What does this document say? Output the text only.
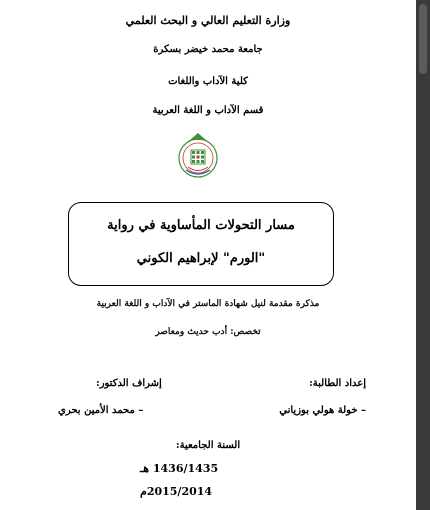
وزارة التعليم العالي و البحث العلمي
جامعة محمد خيضر بسكرة
كلية الآداب واللغات
قسم الآداب و اللغة العربية
مسار التحولات المأساوية في رواية
"الورم" لإبراهيم الكوني
مذكرة مقدمة لنيل شهادة الماستر في الآداب و اللغة العربية
تخصص: أدب حديث ومعاصر
إعداد الطالبة:
إشراف الدكتور:
– خولة هولي بوزياني
– محمد الأمين بحري
السنة الجامعية:
1436/1435 هـ
2015/2014م
